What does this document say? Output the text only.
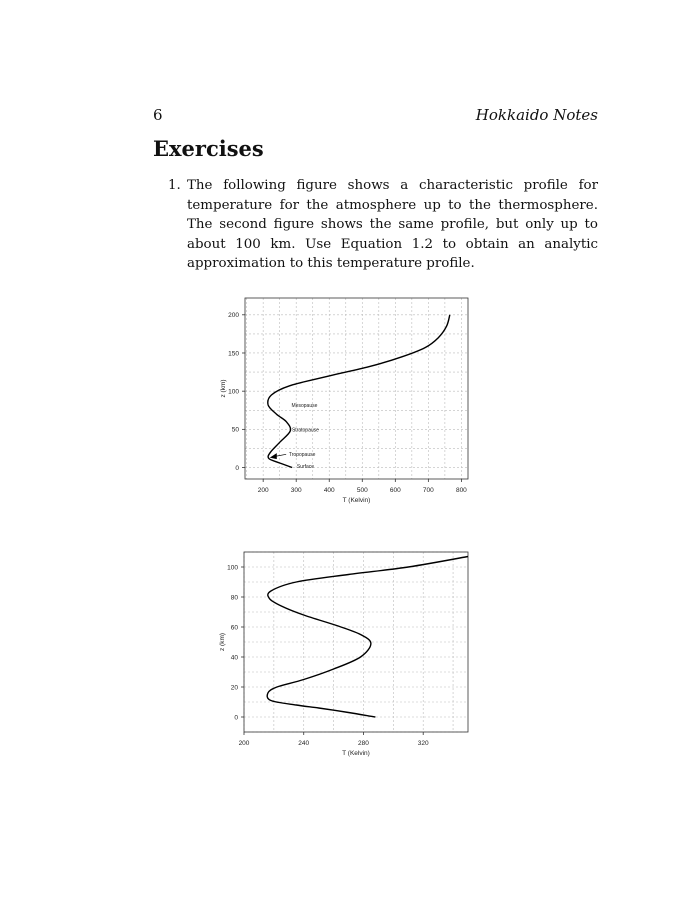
6	Hokkaido Notes
Exercises
1. The following figure shows a characteristic profile for temperature for the atmosphere up to the thermosphere. The second figure shows the same profile, but only up to about 100 km. Use Equation 1.2 to obtain an analytic approximation to this temperature profile.
200	300	400	500	600	700	800
0
50
100
150
200
T (Kelvin)
z (km)
Mesopause
Stratopause
Tropopause
Surface
200	240	280	320
0
20
40
60
80
100
T (Kelvin)
z (km)
